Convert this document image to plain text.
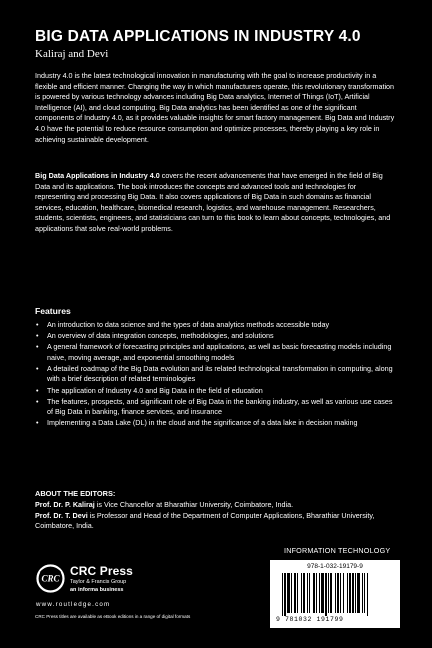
BIG DATA APPLICATIONS IN INDUSTRY 4.0
Kaliraj and Devi

Industry 4.0 is the latest technological innovation in manufacturing with the goal to increase productivity in a flexible and efficient manner. Changing the way in which manufacturers operate, this revolutionary transformation is powered by various technology advances including Big Data analytics, Internet of Things (IoT), Artificial Intelligence (AI), and cloud computing. Big Data analytics has been identified as one of the significant components of Industry 4.0, as it provides valuable insights for smart factory management. Big Data and Industry 4.0 have the potential to reduce resource consumption and optimize processes, thereby playing a key role in achieving sustainable development.

Big Data Applications in Industry 4.0 covers the recent advancements that have emerged in the field of Big Data and its applications. The book introduces the concepts and advanced tools and technologies for representing and processing Big Data. It also covers applications of Big Data in such domains as financial services, education, healthcare, biomedical research, logistics, and warehouse management. Researchers, students, scientists, engineers, and statisticians can turn to this book to learn about concepts, technologies, and applications that solve real-world problems.

Features
• An introduction to data science and the types of data analytics methods accessible today
• An overview of data integration concepts, methodologies, and solutions
• A general framework of forecasting principles and applications, as well as basic forecasting models including naive, moving average, and exponential smoothing models
• A detailed roadmap of the Big Data evolution and its related technological transformation in computing, along with a brief description of related terminologies
• The application of Industry 4.0 and Big Data in the field of education
• The features, prospects, and significant role of Big Data in the banking industry, as well as various use cases of Big Data in banking, finance services, and insurance
• Implementing a Data Lake (DL) in the cloud and the significance of a data lake in decision making
ABOUT THE EDITORS:

Prof. Dr. P. Kaliraj is Vice Chancellor at Bharathiar University, Coimbatore, India.

Prof. Dr. T. Devi is Professor and Head of the Department of Computer Applications, Bharathiar University, Coimbatore, India.

INFORMATION TECHNOLOGY
CRC
CRC Press
Taylor & Francis Group
an informa business
www.routledge.com
CRC Press titles are available as eBook editions in a range of digital formats
978-1-032-19179-9
9 781032 191799
